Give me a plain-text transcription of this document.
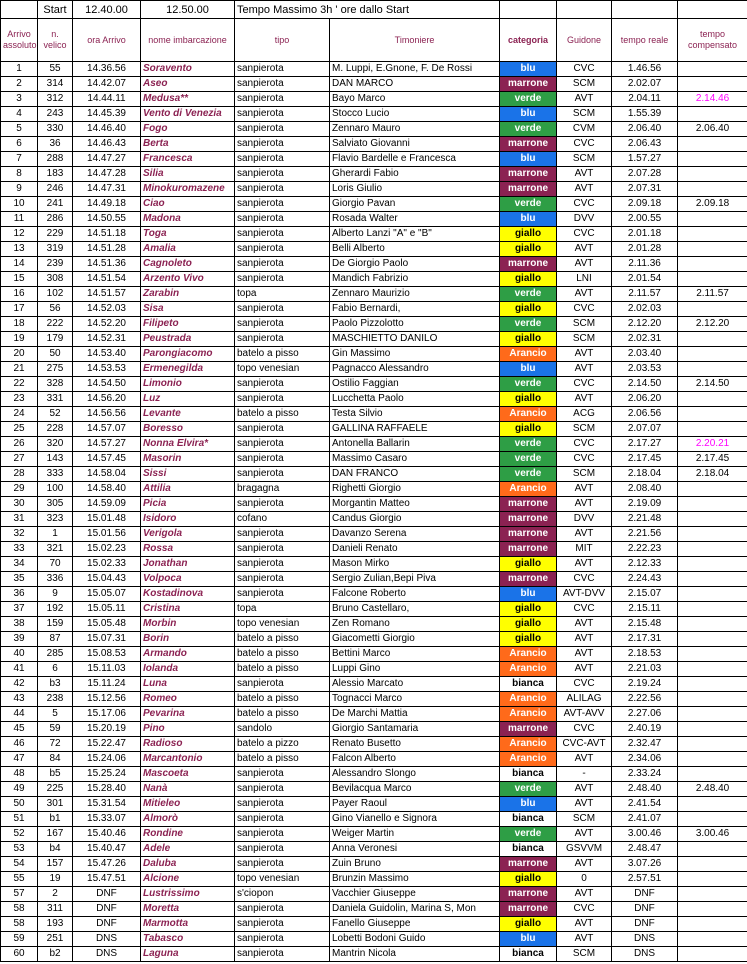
	Start	12.40.00	12.50.00	Tempo Massimo 3h ' ore dallo Start					
Arrivo assoluto	n. velico	ora Arrivo	nome imbarcazione	tipo	Timoniere	categoria	Guidone	tempo reale	tempo compensato
1	55	14.36.56	Soravento	sanpierota	M. Luppi, E.Gnone, F. De Rossi	blu	CVC	1.46.56	
2	314	14.42.07	Aseo	sanpierota	DAN MARCO	marrone	SCM	2.02.07	
3	312	14.44.11	Medusa**	sanpierota	Bayo Marco	verde	AVT	2.04.11	2.14.46
4	243	14.45.39	Vento di Venezia	sanpierota	Stocco Lucio	blu	SCM	1.55.39	
5	330	14.46.40	Fogo	sanpierota	Zennaro Mauro	verde	CVM	2.06.40	2.06.40
6	36	14.46.43	Berta	sanpierota	Salviato Giovanni	marrone	CVC	2.06.43	
7	288	14.47.27	Francesca	sanpierota	Flavio Bardelle e Francesca	blu	SCM	1.57.27	
8	183	14.47.28	Silia	sanpierota	Gherardi Fabio	marrone	AVT	2.07.28	
9	246	14.47.31	Minokuromazene	sanpierota	Loris Giulio	marrone	AVT	2.07.31	
10	241	14.49.18	Ciao	sanpierota	Giorgio Pavan	verde	CVC	2.09.18	2.09.18
11	286	14.50.55	Madona	sanpierota	Rosada Walter	blu	DVV	2.00.55	
12	229	14.51.18	Toga	sanpierota	Alberto Lanzi "A" e "B"	giallo	CVC	2.01.18	
13	319	14.51.28	Amalia	sanpierota	Belli Alberto	giallo	AVT	2.01.28	
14	239	14.51.36	Cagnoleto	sanpierota	De Giorgio Paolo	marrone	AVT	2.11.36	
15	308	14.51.54	Arzento Vivo	sanpierota	Mandich Fabrizio	giallo	LNI	2.01.54	
16	102	14.51.57	Zarabin	topa	Zennaro Maurizio	verde	AVT	2.11.57	2.11.57
17	56	14.52.03	Sisa	sanpierota	Fabio Bernardi,	giallo	CVC	2.02.03	
18	222	14.52.20	Filipeto	sanpierota	Paolo Pizzolotto	verde	SCM	2.12.20	2.12.20
19	179	14.52.31	Peustrada	sanpierota	MASCHIETTO DANILO	giallo	SCM	2.02.31	
20	50	14.53.40	Parongiacomo	batelo a pisso	Gin Massimo	Arancio	AVT	2.03.40	
21	275	14.53.53	Ermenegilda	topo venesian	Pagnacco Alessandro	blu	AVT	2.03.53	
22	328	14.54.50	Limonio	sanpierota	Ostilio Faggian	verde	CVC	2.14.50	2.14.50
23	331	14.56.20	Luz	sanpierota	Lucchetta Paolo	giallo	AVT	2.06.20	
24	52	14.56.56	Levante	batelo a pisso	Testa Silvio	Arancio	ACG	2.06.56	
25	228	14.57.07	Boresso	sanpierota	GALLINA RAFFAELE	giallo	SCM	2.07.07	
26	320	14.57.27	Nonna Elvira*	sanpierota	Antonella Ballarin	verde	CVC	2.17.27	2.20.21
27	143	14.57.45	Masorin	sanpierota	Massimo Casaro	verde	CVC	2.17.45	2.17.45
28	333	14.58.04	Sissi	sanpierota	DAN FRANCO	verde	SCM	2.18.04	2.18.04
29	100	14.58.40	Attilia	bragagna	Righetti Giorgio	Arancio	AVT	2.08.40	
30	305	14.59.09	Picia	sanpierota	Morgantin Matteo	marrone	AVT	2.19.09	
31	323	15.01.48	Isidoro	cofano	Candus Giorgio	marrone	DVV	2.21.48	
32	1	15.01.56	Verigola	sanpierota	Davanzo Serena	marrone	AVT	2.21.56	
33	321	15.02.23	Rossa	sanpierota	Danieli Renato	marrone	MIT	2.22.23	
34	70	15.02.33	Jonathan	sanpierota	Mason Mirko	giallo	AVT	2.12.33	
35	336	15.04.43	Volpoca	sanpierota	Sergio Zulian,Bepi Piva	marrone	CVC	2.24.43	
36	9	15.05.07	Kostadinova	sanpierota	Falcone Roberto	blu	AVT-DVV	2.15.07	
37	192	15.05.11	Cristina	topa	Bruno Castellaro,	giallo	CVC	2.15.11	
38	159	15.05.48	Morbin	topo venesian	Zen Romano	giallo	AVT	2.15.48	
39	87	15.07.31	Borin	batelo a pisso	Giacometti Giorgio	giallo	AVT	2.17.31	
40	285	15.08.53	Armando	batelo a pisso	Bettini Marco	Arancio	AVT	2.18.53	
41	6	15.11.03	Iolanda	batelo a pisso	Luppi Gino	Arancio	AVT	2.21.03	
42	b3	15.11.24	Luna	sanpierota	Alessio Marcato	bianca	CVC	2.19.24	
43	238	15.12.56	Romeo	batelo a pisso	Tognacci Marco	Arancio	ALILAG	2.22.56	
44	5	15.17.06	Pevarina	batelo a pisso	De Marchi Mattia	Arancio	AVT-AVV	2.27.06	
45	59	15.20.19	Pino	sandolo	Giorgio Santamaria	marrone	CVC	2.40.19	
46	72	15.22.47	Radioso	batelo a pizzo	Renato Busetto	Arancio	CVC-AVT	2.32.47	
47	84	15.24.06	Marcantonio	batelo a pisso	Falcon Alberto	Arancio	AVT	2.34.06	
48	b5	15.25.24	Mascoeta	sanpierota	Alessandro Slongo	bianca	-	2.33.24	
49	225	15.28.40	Nanà	sanpierota	Bevilacqua Marco	verde	AVT	2.48.40	2.48.40
50	301	15.31.54	Mitieleo	sanpierota	Payer Raoul	blu	AVT	2.41.54	
51	b1	15.33.07	Almorò	sanpierota	Gino Vianello e Signora	bianca	SCM	2.41.07	
52	167	15.40.46	Rondine	sanpierota	Weiger Martin	verde	AVT	3.00.46	3.00.46
53	b4	15.40.47	Adele	sanpierota	Anna Veronesi	bianca	GSVVM	2.48.47	
54	157	15.47.26	Daluba	sanpierota	Zuin Bruno	marrone	AVT	3.07.26	
55	19	15.47.51	Alcione	topo venesian	Brunzin Massimo	giallo	0	2.57.51	
57	2	DNF	Lustrissimo	s'ciopon	Vacchier Giuseppe	marrone	AVT	DNF	
58	311	DNF	Moretta	sanpierota	Daniela Guidolin, Marina S, Mon	marrone	CVC	DNF	
58	193	DNF	Marmotta	sanpierota	Fanello Giuseppe	giallo	AVT	DNF	
59	251	DNS	Tabasco	sanpierota	Lobetti Bodoni Guido	blu	AVT	DNS	
60	b2	DNS	Laguna	sanpierota	Mantrin Nicola	bianca	SCM	DNS	
